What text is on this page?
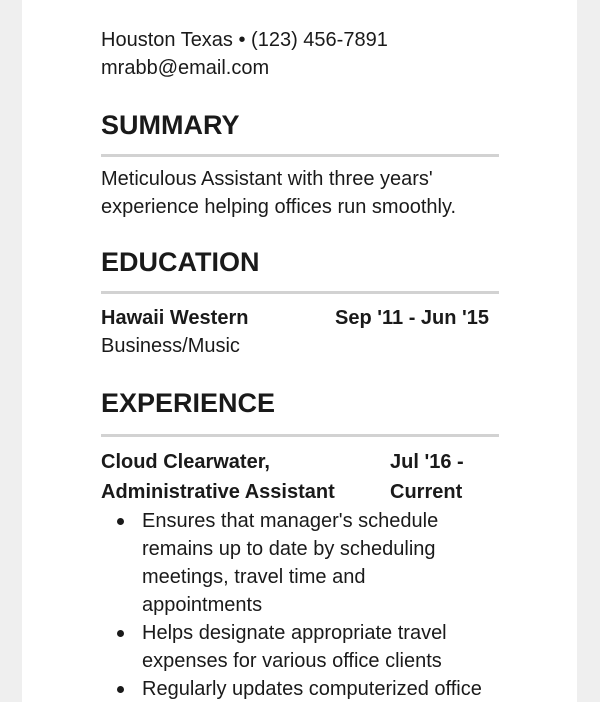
Houston Texas • (123) 456-7891

mrabb@email.com

SUMMARY

Meticulous Assistant with three years'

experience helping offices run smoothly.

EDUCATION
Hawaii Western	Sep '11 - Jun '15

Business/Music

EXPERIENCE
Cloud Clearwater,	Jul '16 -
Administrative Assistant	Current

Ensures that manager's schedule

remains up to date by scheduling

meetings, travel time and

appointments

Helps designate appropriate travel

expenses for various office clients

Regularly updates computerized office
